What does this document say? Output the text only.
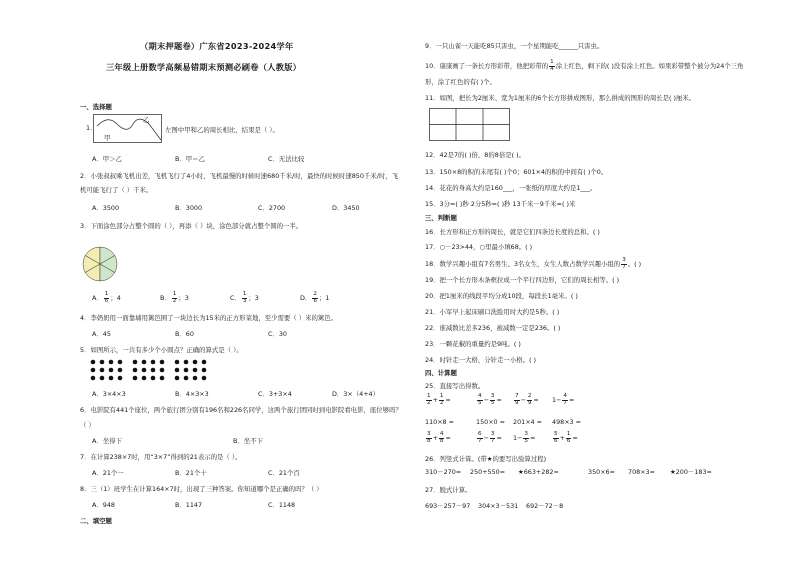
（期末押题卷）广东省2023-2024学年
三年级上册数学高频易错期末预测必刷卷（人教版）
一、选择题
1．
甲
乙
左图中甲和乙的周长相比，结果是（ ）。
A．甲＞乙	B．甲＝乙	C．无法比较
2．小张叔叔乘飞机出差，飞机飞行了4小时，飞机最慢的时候时速680千米/时，最快的时候时速850千米/时，飞
机可能飞行了（ ）千米。
A．3500	B．3000	C．2700	D．3450
3．下面涂色部分占整个圆的（ ），再添（ ）块，涂色部分就占整个圆的一半。
A． $\frac{1}{6}$ ；4	B． $\frac{1}{2}$ ；3	C． $\frac{1}{3}$ ；3	D． $\frac{2}{6}$ ；1
4．李奶奶用一面靠墙用篱笆围了一块边长为15米的正方形菜地，至少需要（ ）米的篱笆。
A．45	B．60	C．30
5．如图所示，一共有多少个小圆点？正确的算式是（ ）。
A．3×4×3	B．4×3×3	C．3+3×4	D．3×（4+4）
6．电影院有441个座位，两个旅行团分别有196名和226名同学，这两个旅行团同时到电影院看电影，座位够吗？
（ ）
A．坐得下	B．坐不下
7．在计算238×7时，用“3×7”得到的21表示的是（ ）。
A．21个一	B．21个十	C．21个百
8．三（1）班学生在计算164×7时，出现了三种答案。你知道哪个是正确的吗？（ ）
A．948	B．1147	C．1148
二、填空题
9．一只山雀一天能吃85只害虫，一个星期能吃______只害虫。
10．康康画了一条长方形彩带，他把彩带的 $\frac{1}{4}$ 涂上红色，剩下的( )没有涂上红色。如果彩带整个被分为24个三角
形，涂了红色的有( )个。
11．如图，把长为2厘米、宽为1厘米的6个长方形拼成图形，那么拼成的图形的周长是( )厘米。
12．42是7的( )倍，8的8倍是( )。
13．150×8的积的末尾有( )个0；601×4的积的中间有( )个0。
14．花花的身高大约是160___，一张纸的厚度大约是1___。
15．3分=( )秒 2分5秒=( )秒 13千米－9千米=( )米
三、判断题
16．长方形和正方形的周长，就是它们四条边长度的总和。( )
17．○－23>44，○里最小填68。( )
18．数学兴趣小组有7名男生、3名女生，女生人数占数学兴趣小组的 $\frac{3}{7}$ 。( )
19．把一个长方形木条框拉成一个平行四边形，它们的周长相等。( )
20．把1厘米的线段平均分成10段，每段长1毫米。( )
21．小军早上起床刷口洗脸用时大约是5秒。( )
22．谁减数比差多236，被减数一定是236。( )
23．一颗花椒的重量约是9吨。( )
24．时针走一大格，分针走一小格。( )
四、计算题
25．直接写出得数。
$\frac{1}{2} + \frac{1}{2}$ =	$\frac{4}{5} - \frac{3}{5} = \frac{7}{9} - \frac{2}{9} = 1- \frac{4}{7}$ =
110×8 =	150×0 = 201×4 = 498×3 =
$\frac{3}{8} + \frac{4}{8}$ =	$\frac{6}{7} - \frac{3}{7} = 1- \frac{3}{5}$ =	$\frac{5}{6} + \frac{1}{6}$ =
26．列竖式计算。(带★的要写出验算过程)
310－270= 250+550= ★663+282=	350×6= 708×3= ★200－183=
27．脱式计算。
693－257－97 304×3－531 692－72－8
